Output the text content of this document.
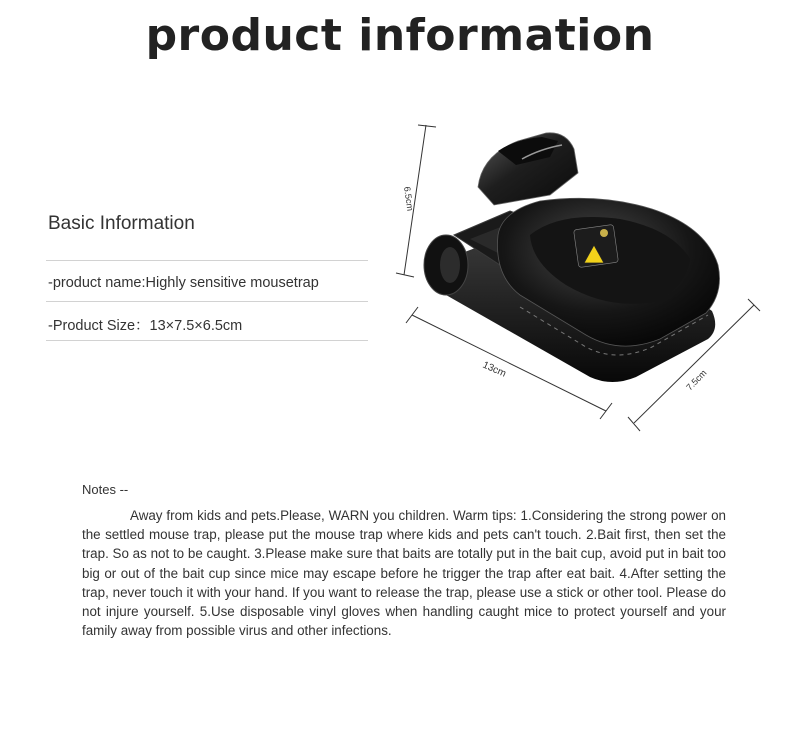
product information
Basic Information
-product name:Highly sensitive mousetrap
-Product Size：13×7.5×6.5cm
6.5cm
13cm	7.5cm
Notes --

Away from kids and pets.Please, WARN you children. Warm tips: 1.Considering the strong power on the settled mouse trap, please put the mouse trap where kids and pets can't touch. 2.Bait first, then set the trap. So as not to be caught. 3.Please make sure that baits are totally put in the bait cup, avoid put in bait too big or out of the bait cup since mice may escape before he trigger the trap after eat bait. 4.After setting the trap, never touch it with your hand. If you want to release the trap, please use a stick or other tool. Please do not injure yourself. 5.Use disposable vinyl gloves when handling caught mice to protect yourself and your family away from possible virus and other infections.
